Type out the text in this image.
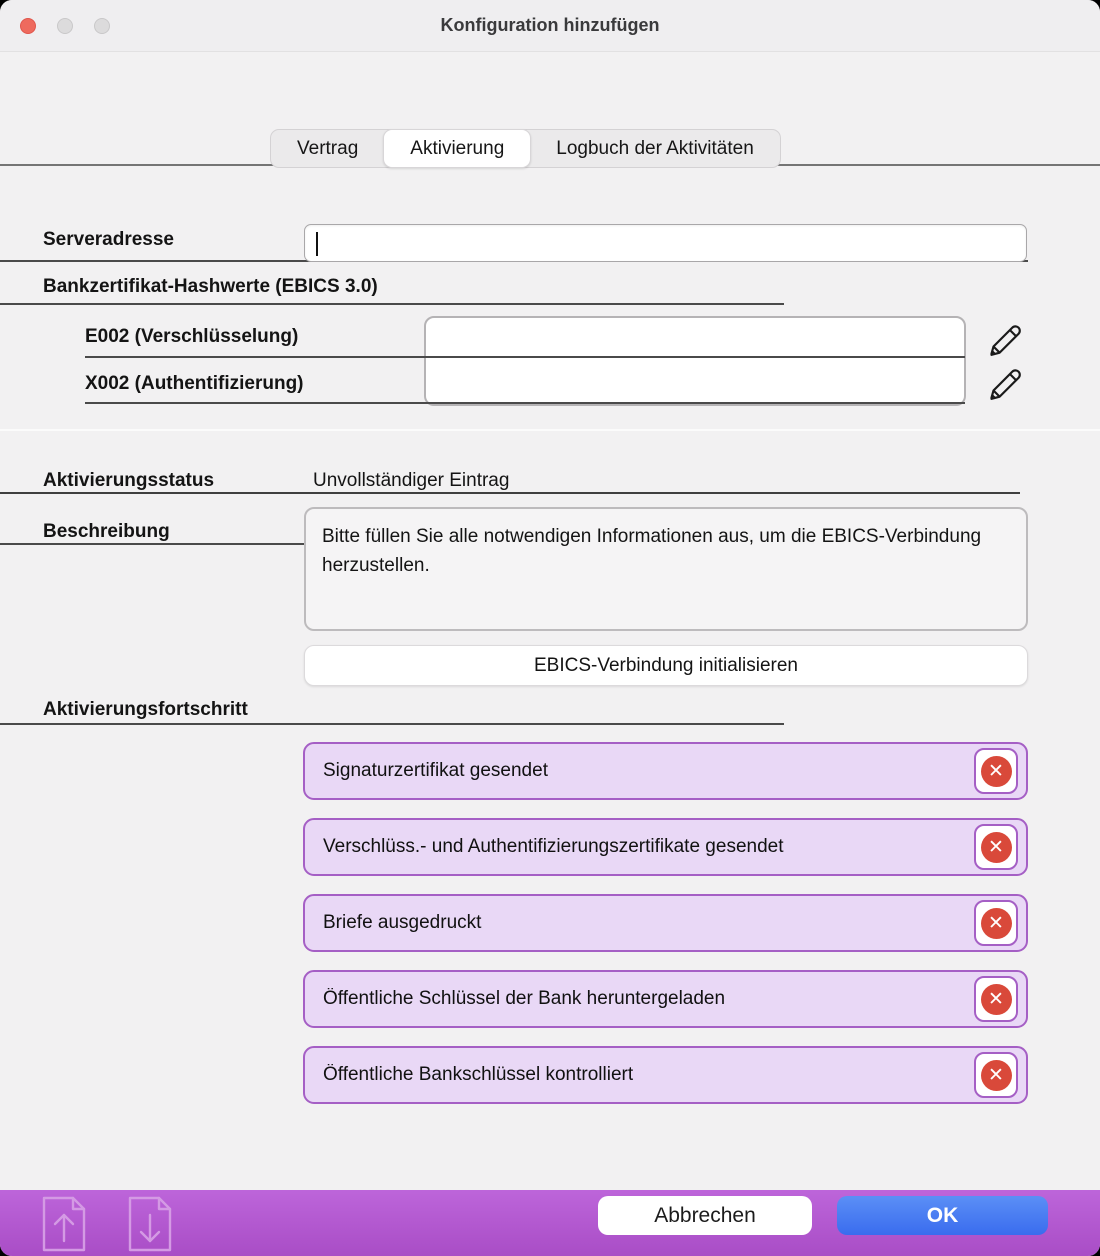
Konfiguration hinzufügen
Vertrag	Aktivierung	Logbuch der Aktivitäten
Serveradresse
Bankzertifikat-Hashwerte (EBICS 3.0)
E002 (Verschlüsselung)
X002 (Authentifizierung)
Aktivierungsstatus	Unvollständiger Eintrag
Beschreibung	Bitte füllen Sie alle notwendigen Informationen aus, um die EBICS-Verbindung herzustellen.
EBICS-Verbindung initialisieren
Aktivierungsfortschritt
Signaturzertifikat gesendet	✕
Verschlüss.- und Authentifizierungszertifikate gesendet	✕
Briefe ausgedruckt	✕
Öffentliche Schlüssel der Bank heruntergeladen	✕
Öffentliche Bankschlüssel kontrolliert	✕
Abbrechen	OK
